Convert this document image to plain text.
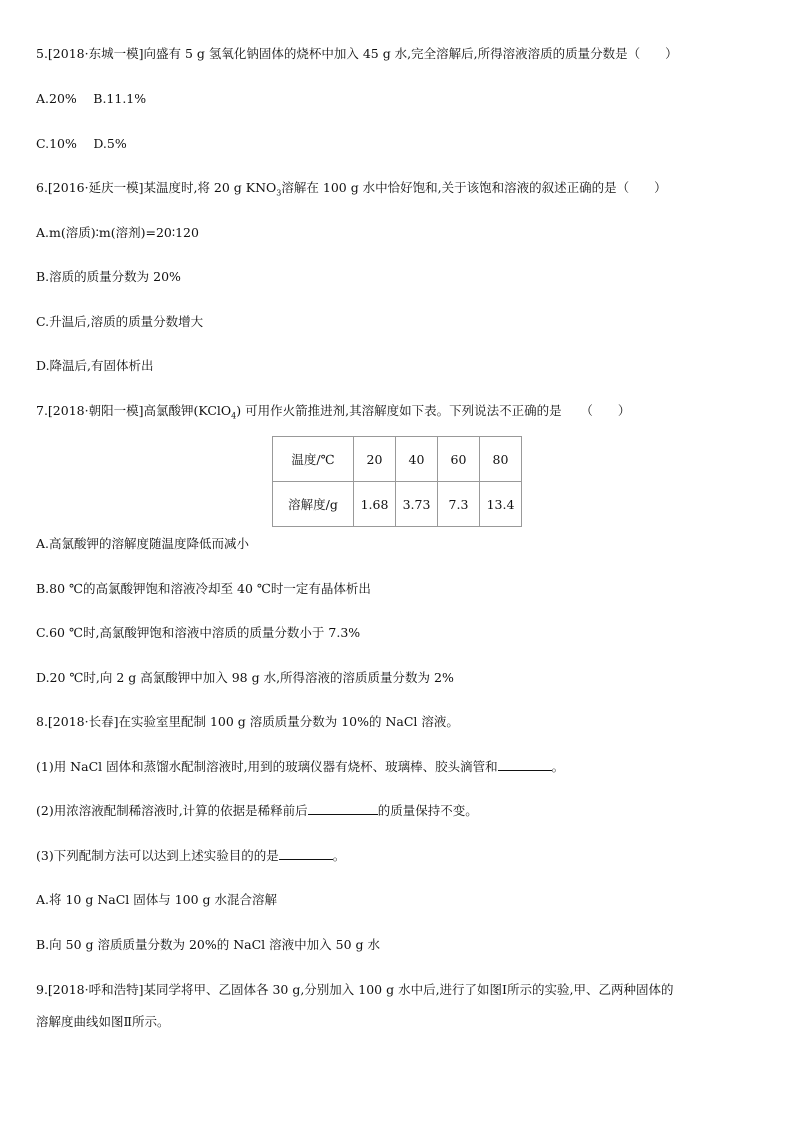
5.[2018·东城一模]向盛有 5 g 氢氧化钠固体的烧杯中加入 45 g 水,完全溶解后,所得溶液溶质的质量分数是（　　）
A.20%　 B.11.1%
C.10%　 D.5%
6.[2016·延庆一模]某温度时,将 20 g $KNO_3$溶解在 100 g 水中恰好饱和,关于该饱和溶液的叙述正确的是（　　）
A.m(溶质)∶m(溶剂)=20∶120
B.溶质的质量分数为 20%
C.升温后,溶质的质量分数增大
D.降温后,有固体析出
7.[2018·朝阳一模]高氯酸钾(KClO$_4$) 可用作火箭推进剂,其溶解度如下表。下列说法不正确的是　　（　　）
温度/℃	20	40	60	80
溶解度/g	1.68	3.73	7.3	13.4
A.高氯酸钾的溶解度随温度降低而减小
B.80 ℃的高氯酸钾饱和溶液冷却至 40 ℃时一定有晶体析出
C.60 ℃时,高氯酸钾饱和溶液中溶质的质量分数小于 7.3%
D.20 ℃时,向 2 g 高氯酸钾中加入 98 g 水,所得溶液的溶质质量分数为 2%
8.[2018·长春]在实验室里配制 100 g 溶质质量分数为 10%的 NaCl 溶液。
(1)用 NaCl 固体和蒸馏水配制溶液时,用到的玻璃仪器有烧杯、玻璃棒、胶头滴管和	。
(2)用浓溶液配制稀溶液时,计算的依据是稀释前后	的质量保持不变。
(3)下列配制方法可以达到上述实验目的的是	。
A.将 10 g NaCl 固体与 100 g 水混合溶解
B.向 50 g 溶质质量分数为 20%的 NaCl 溶液中加入 50 g 水
9.[2018·呼和浩特]某同学将甲、乙固体各 30 g,分别加入 100 g 水中后,进行了如图Ⅰ所示的实验,甲、乙两种固体的
溶解度曲线如图Ⅱ所示。
